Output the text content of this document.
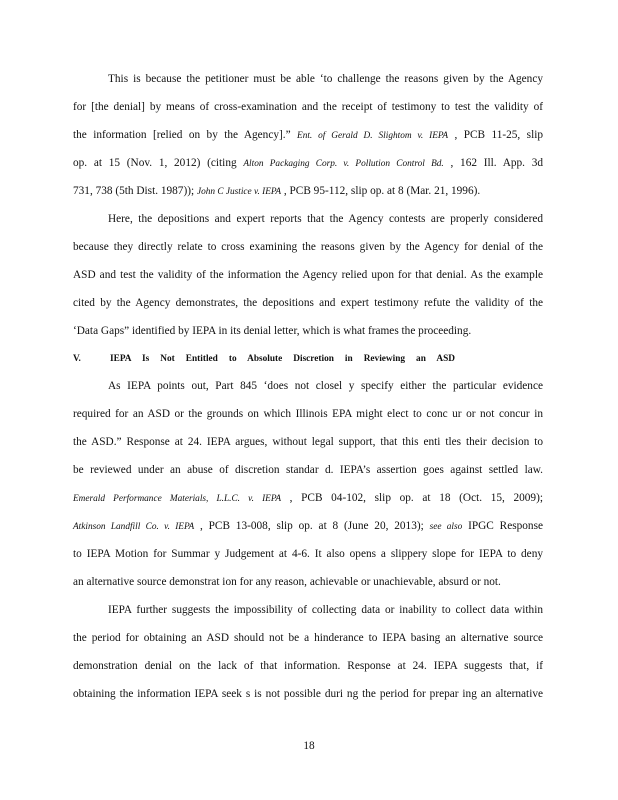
This is because the petitioner must be able ‘to challenge the reasons given by the Agency
for [the denial] by means of cross-examination and the receipt of testimony to test the validity of
the information [relied on by the Agency].” Ent. of Gerald D. Slightom v. IEPA , PCB 11-25, slip
op. at 15 (Nov. 1, 2012) (citing Alton Packaging Corp. v. Pollution Control Bd. , 162 Ill. App. 3d
731, 738 (5th Dist. 1987)); John C Justice v. IEPA , PCB 95-112, slip op. at 8 (Mar. 21, 1996).
Here, the depositions and expert reports that the Agency contests are properly considered
because they directly relate to cross examining the reasons given by the Agency for denial of the
ASD and test the validity of the information the Agency relied upon for that denial. As the example
cited by the Agency demonstrates, the depositions and expert testimony refute the validity of the
‘Data Gaps” identified by IEPA in its denial letter, which is what frames the proceeding.
V.	IEPA Is Not Entitled to Absolute Discretion in Reviewing an ASD
As IEPA points out, Part 845 ‘does not closel y specify either the particular evidence
required for an ASD or the grounds on which Illinois EPA might elect to conc ur or not concur in
the ASD.” Response at 24. IEPA argues, without legal support, that this enti tles their decision to
be reviewed under an abuse of discretion standar d. IEPA’s assertion goes against settled law.
Emerald Performance Materials, L.L.C. v. IEPA , PCB 04-102, slip op. at 18 (Oct. 15, 2009);
Atkinson Landfill Co. v. IEPA , PCB 13-008, slip op. at 8 (June 20, 2013); see also IPGC Response
to IEPA Motion for Summar y Judgement at 4-6. It also opens a slippery slope for IEPA to deny
an alternative source demonstrat ion for any reason, achievable or unachievable, absurd or not.
IEPA further suggests the impossibility of collecting data or inability to collect data within
the period for obtaining an ASD should not be a hinderance to IEPA basing an alternative source
demonstration denial on the lack of that information. Response at 24. IEPA suggests that, if
obtaining the information IEPA seek s is not possible duri ng the period for prepar ing an alternative
18
